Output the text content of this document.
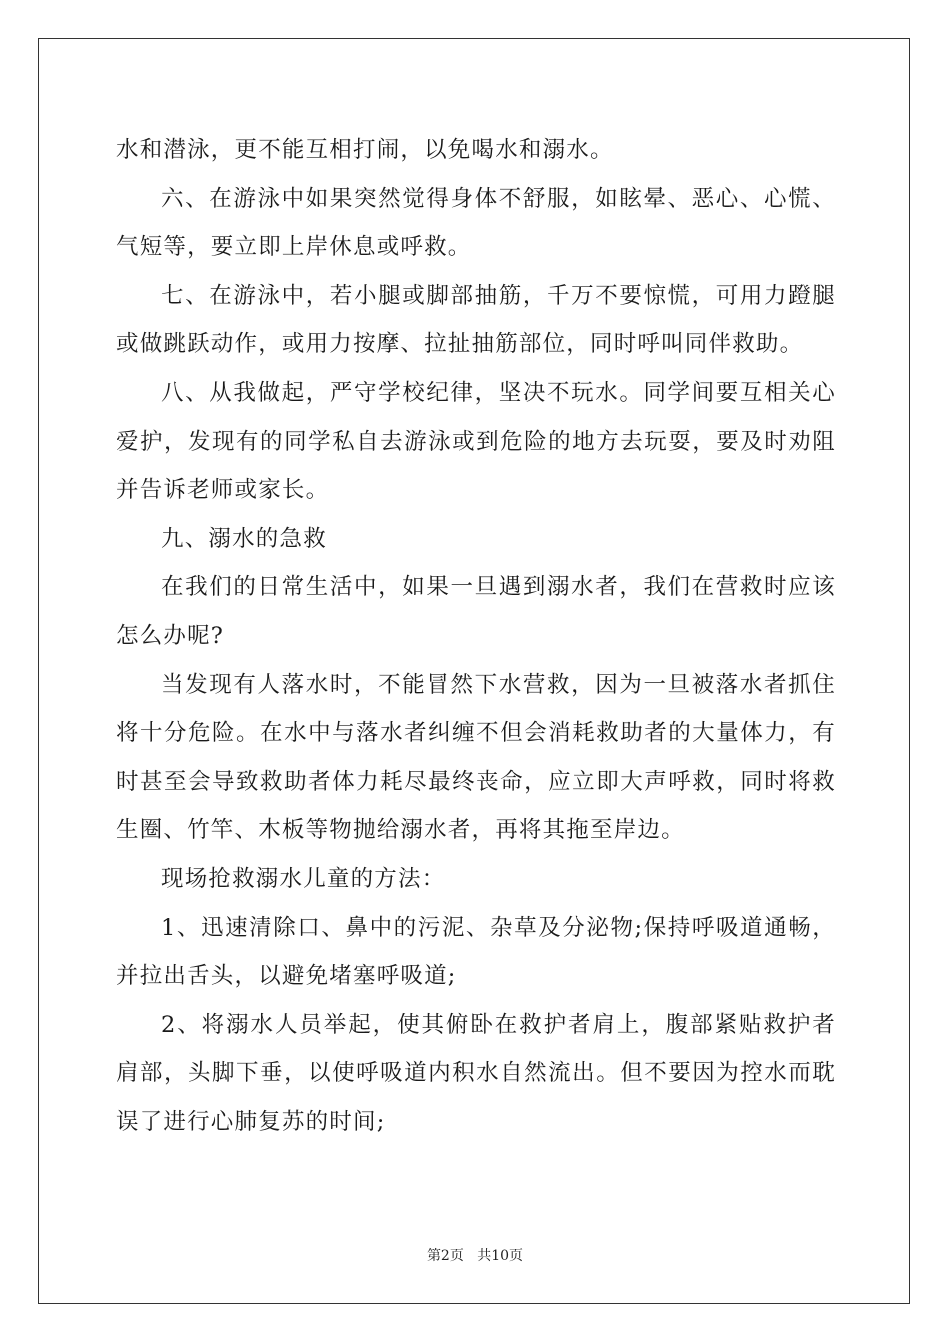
水和潜泳，更不能互相打闹，以免喝水和溺水。

六、在游泳中如果突然觉得身体不舒服，如眩晕、恶心、心慌、气短等，要立即上岸休息或呼救。

七、在游泳中，若小腿或脚部抽筋，千万不要惊慌，可用力蹬腿或做跳跃动作，或用力按摩、拉扯抽筋部位，同时呼叫同伴救助。

八、从我做起，严守学校纪律，坚决不玩水。同学间要互相关心爱护，发现有的同学私自去游泳或到危险的地方去玩耍，要及时劝阻并告诉老师或家长。

九、溺水的急救

在我们的日常生活中，如果一旦遇到溺水者，我们在营救时应该怎么办呢?

当发现有人落水时，不能冒然下水营救，因为一旦被落水者抓住将十分危险。在水中与落水者纠缠不但会消耗救助者的大量体力，有时甚至会导致救助者体力耗尽最终丧命，应立即大声呼救，同时将救生圈、竹竿、木板等物抛给溺水者，再将其拖至岸边。

现场抢救溺水儿童的方法：

1、迅速清除口、鼻中的污泥、杂草及分泌物;保持呼吸道通畅，并拉出舌头，以避免堵塞呼吸道;

2、将溺水人员举起，使其俯卧在救护者肩上，腹部紧贴救护者肩部，头脚下垂，以使呼吸道内积水自然流出。但不要因为控水而耽误了进行心肺复苏的时间;

第2页 共10页
